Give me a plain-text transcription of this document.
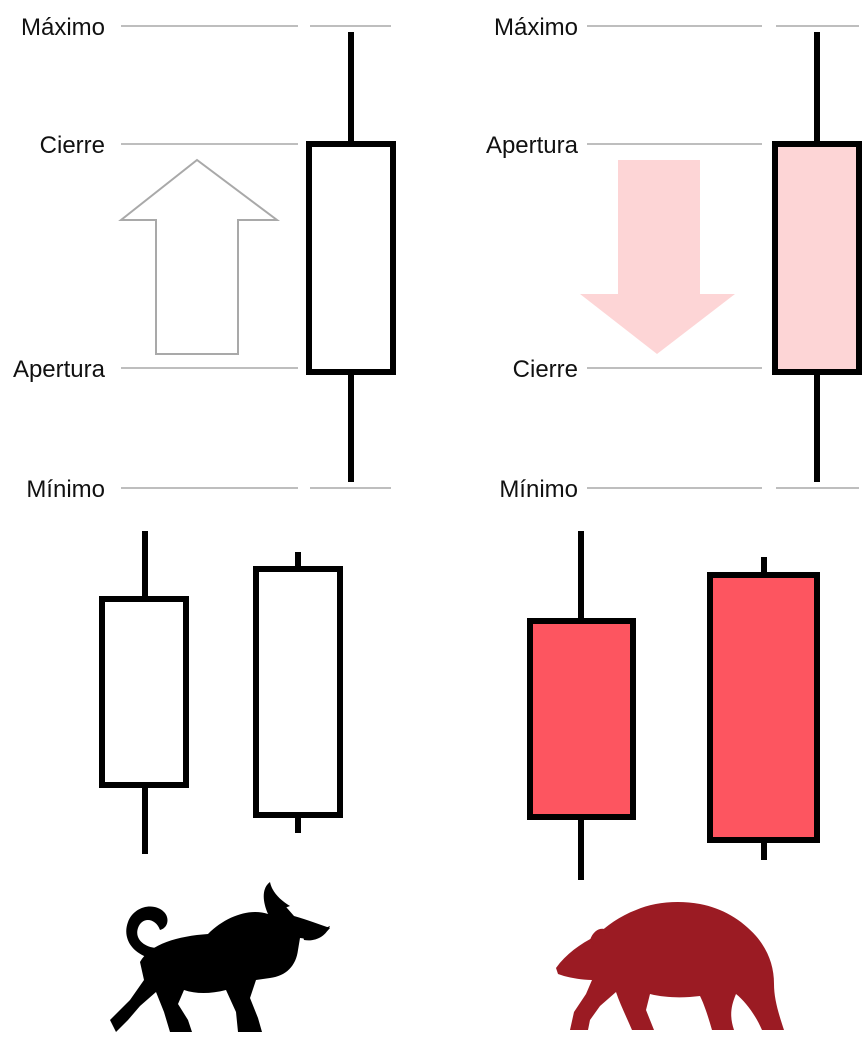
Máximo
Cierre
Apertura
Mínimo
Máximo
Apertura
Cierre
Mínimo
